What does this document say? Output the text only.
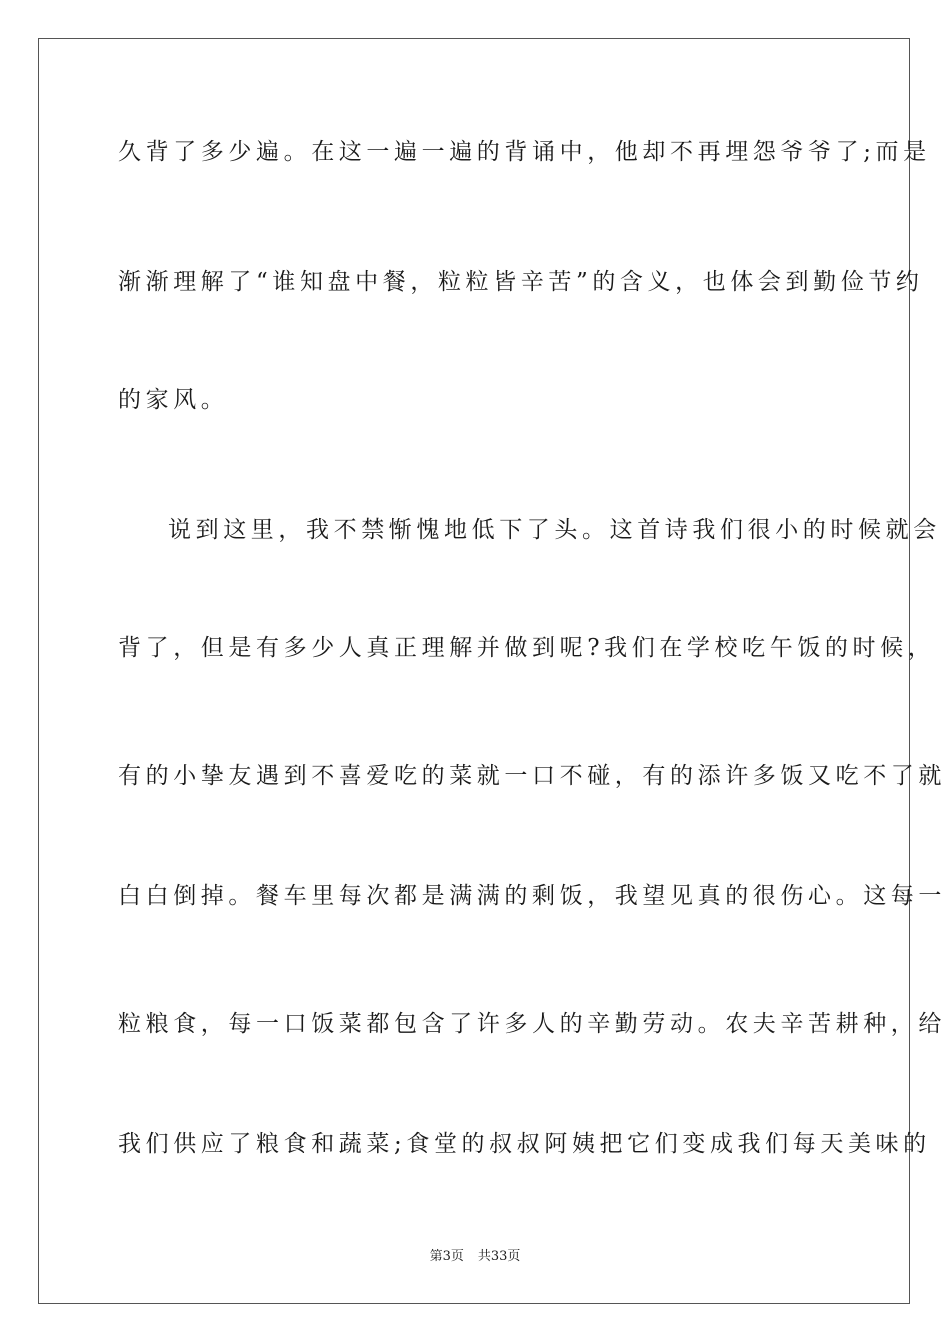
久背了多少遍。在这一遍一遍的背诵中，他却不再埋怨爷爷了;而是
渐渐理解了“谁知盘中餐，粒粒皆辛苦”的含义，也体会到勤俭节约
的家风。
说到这里，我不禁惭愧地低下了头。这首诗我们很小的时候就会
背了，但是有多少人真正理解并做到呢?我们在学校吃午饭的时候，
有的小挚友遇到不喜爱吃的菜就一口不碰，有的添许多饭又吃不了就
白白倒掉。餐车里每次都是满满的剩饭，我望见真的很伤心。这每一
粒粮食，每一口饭菜都包含了许多人的辛勤劳动。农夫辛苦耕种，给
我们供应了粮食和蔬菜;食堂的叔叔阿姨把它们变成我们每天美味的
第3页 共33页
